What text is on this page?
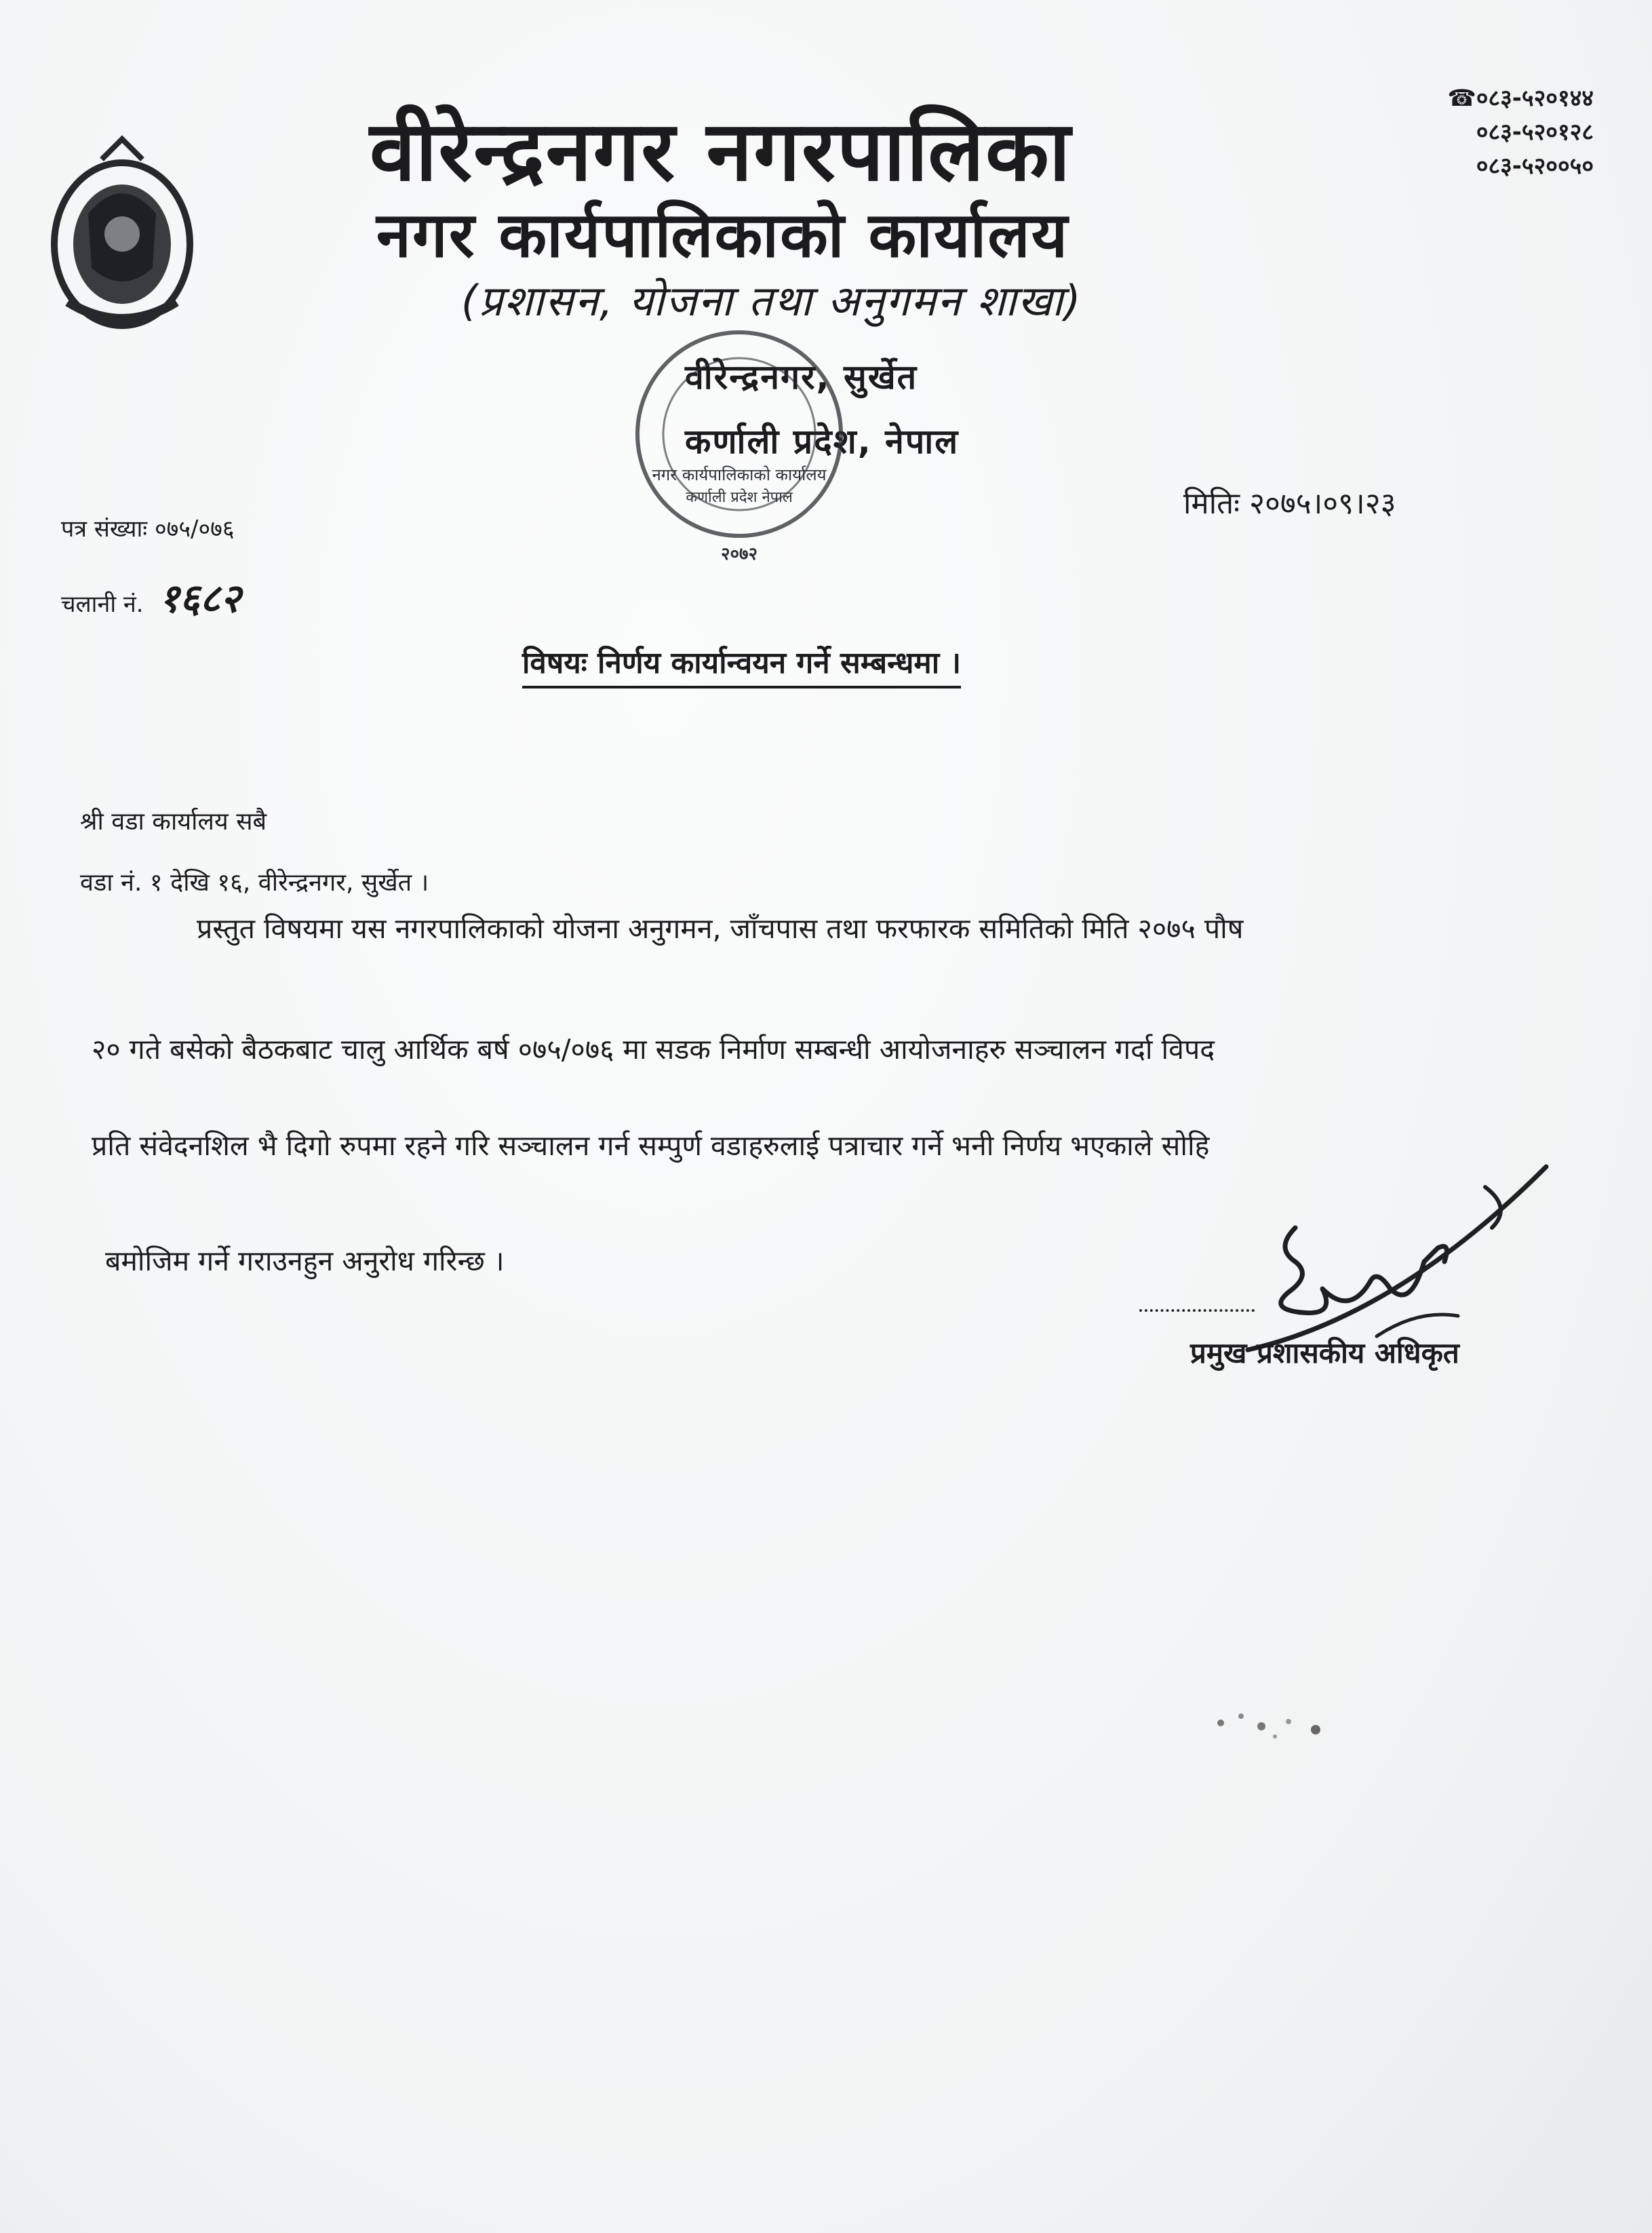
वीरेन्द्रनगर नगरपालिका
नगर कार्यपालिकाको कार्यालय
(प्रशासन, योजना तथा अनुगमन शाखा)
वीरेन्द्रनगर, सुर्खेत
कर्णाली प्रदेश, नेपाल
☎०८३-५२०१४४
०८३-५२०१२८
०८३-५२००५०
नगर कार्यपालिकाको कार्यालय
कर्णाली प्रदेश नेपाल
२०७२
पत्र संख्याः ०७५/०७६
चलानी नं. १६८२
मितिः २०७५।०९।२३
विषयः निर्णय कार्यान्वयन गर्ने सम्बन्धमा ।
श्री वडा कार्यालय सबै
वडा नं. १ देखि १६, वीरेन्द्रनगर, सुर्खेत ।
प्रस्तुत विषयमा यस नगरपालिकाको योजना अनुगमन, जाँचपास तथा फरफारक समितिको मिति २०७५ पौष
२० गते बसेको बैठकबाट चालु आर्थिक बर्ष ०७५/०७६ मा सडक निर्माण सम्बन्धी आयोजनाहरु सञ्चालन गर्दा विपद
प्रति संवेदनशिल भै दिगो रुपमा रहने गरि सञ्चालन गर्न सम्पुर्ण वडाहरुलाई पत्राचार गर्ने भनी निर्णय भएकाले सोहि
बमोजिम गर्ने गराउनहुन अनुरोध गरिन्छ ।
प्रमुख प्रशासकीय अधिकृत
